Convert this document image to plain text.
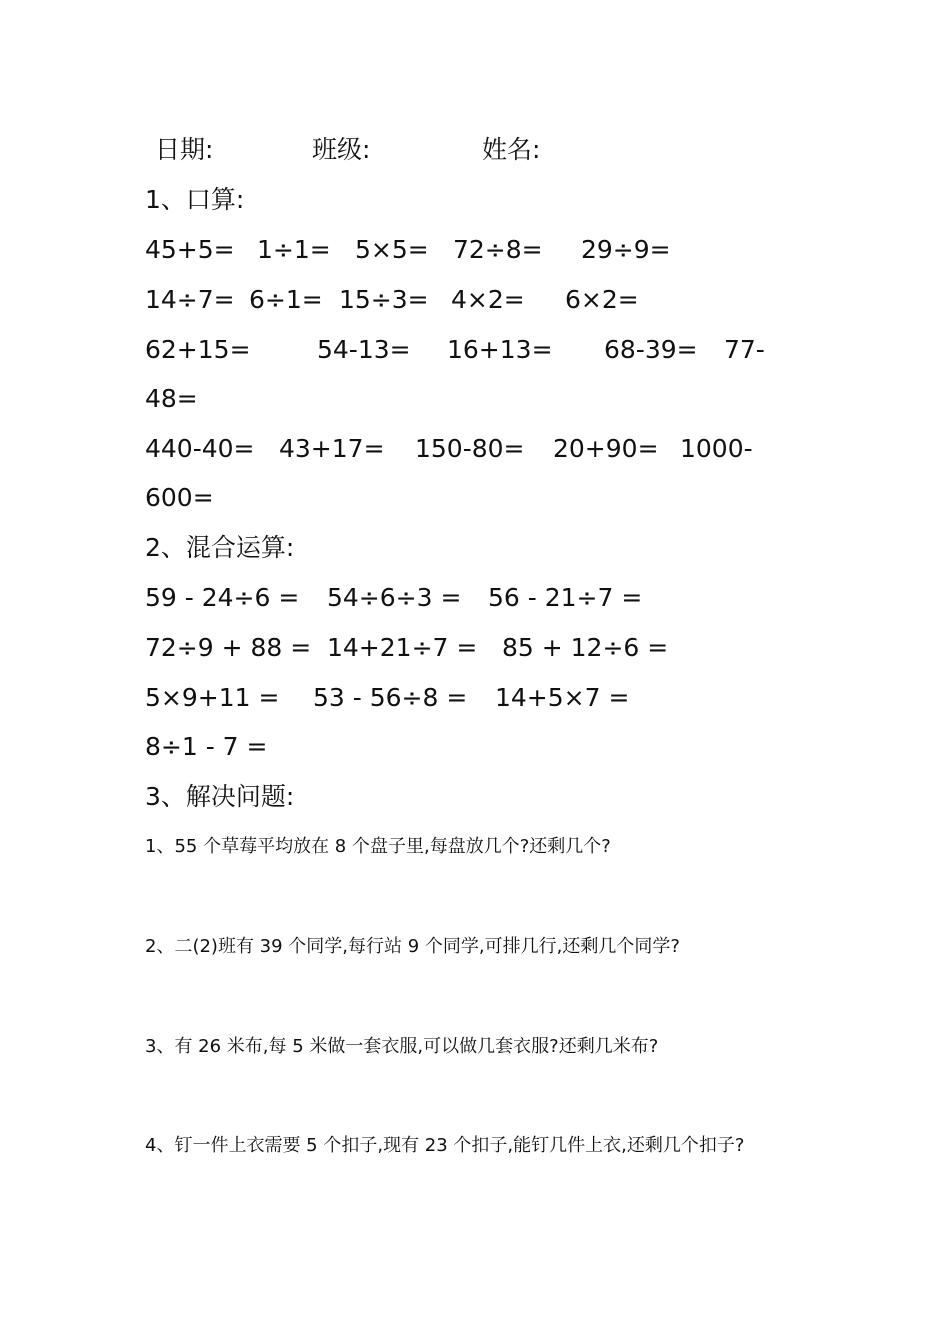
日期:	班级:	姓名:
1、口算:
45+5= 1÷1= 5×5= 72÷8= 29÷9=
14÷7= 6÷1= 15÷3= 4×2= 6×2=
62+15=	54-13= 16+13= 68-39= 77-
48=
440-40= 43+17= 150-80= 20+90= 1000-
600=
2、混合运算:
59 - 24÷6 = 54÷6÷3 = 56 - 21÷7 =
72÷9 + 88 = 14+21÷7 = 85 + 12÷6 =
5×9+11 = 53 - 56÷8 = 14+5×7 =
8÷1 - 7 =
3、解决问题:
1、55 个草莓平均放在 8 个盘子里,每盘放几个?还剩几个?
2、二(2)班有 39 个同学,每行站 9 个同学,可排几行,还剩几个同学?
3、有 26 米布,每 5 米做一套衣服,可以做几套衣服?还剩几米布?
4、钉一件上衣需要 5 个扣子,现有 23 个扣子,能钉几件上衣,还剩几个扣子?
